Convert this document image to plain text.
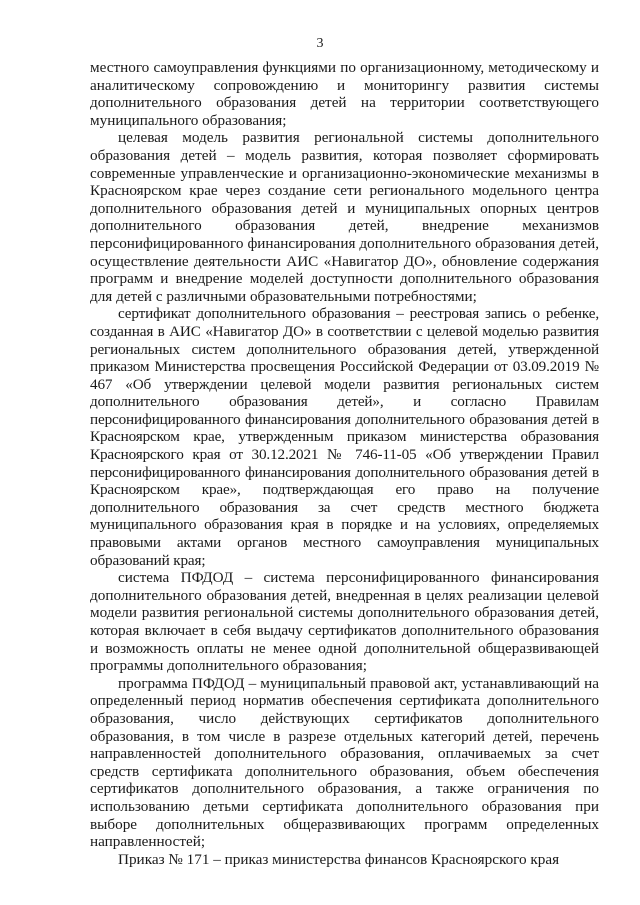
3

местного самоуправления функциями по организационному, методическому и аналитическому сопровождению и мониторингу развития системы дополнительного образования детей на территории соответствующего муниципального образования;

целевая модель развития региональной системы дополнительного образования детей – модель развития, которая позволяет сформировать современные управленческие и организационно-экономические механизмы в Красноярском крае через создание сети регионального модельного центра дополнительного образования детей и муниципальных опорных центров дополнительного образования детей, внедрение механизмов персонифицированного финансирования дополнительного образования детей, осуществление деятельности АИС «Навигатор ДО», обновление содержания программ и внедрение моделей доступности дополнительного образования для детей с различными образовательными потребностями;

сертификат дополнительного образования – реестровая запись о ребенке, созданная в АИС «Навигатор ДО» в соответствии с целевой моделью развития региональных систем дополнительного образования детей, утвержденной приказом Министерства просвещения Российской Федерации от 03.09.2019 № 467 «Об утверждении целевой модели развития региональных систем дополнительного образования детей», и согласно Правилам персонифицированного финансирования дополнительного образования детей в Красноярском крае, утвержденным приказом министерства образования Красноярского края от 30.12.2021 № 746-11-05 «Об утверждении Правил персонифицированного финансирования дополнительного образования детей в Красноярском крае», подтверждающая его право на получение дополнительного образования за счет средств местного бюджета муниципального образования края в порядке и на условиях, определяемых правовыми актами органов местного самоуправления муниципальных образований края;

система ПФДОД – система персонифицированного финансирования дополнительного образования детей, внедренная в целях реализации целевой модели развития региональной системы дополнительного образования детей, которая включает в себя выдачу сертификатов дополнительного образования и возможность оплаты не менее одной дополнительной общеразвивающей программы дополнительного образования;

программа ПФДОД – муниципальный правовой акт, устанавливающий на определенный период норматив обеспечения сертификата дополнительного образования, число действующих сертификатов дополнительного образования, в том числе в разрезе отдельных категорий детей, перечень направленностей дополнительного образования, оплачиваемых за счет средств сертификата дополнительного образования, объем обеспечения сертификатов дополнительного образования, а также ограничения по использованию детьми сертификата дополнительного образования при выборе дополнительных общеразвивающих программ определенных направленностей;

Приказ № 171 – приказ министерства финансов Красноярского края
